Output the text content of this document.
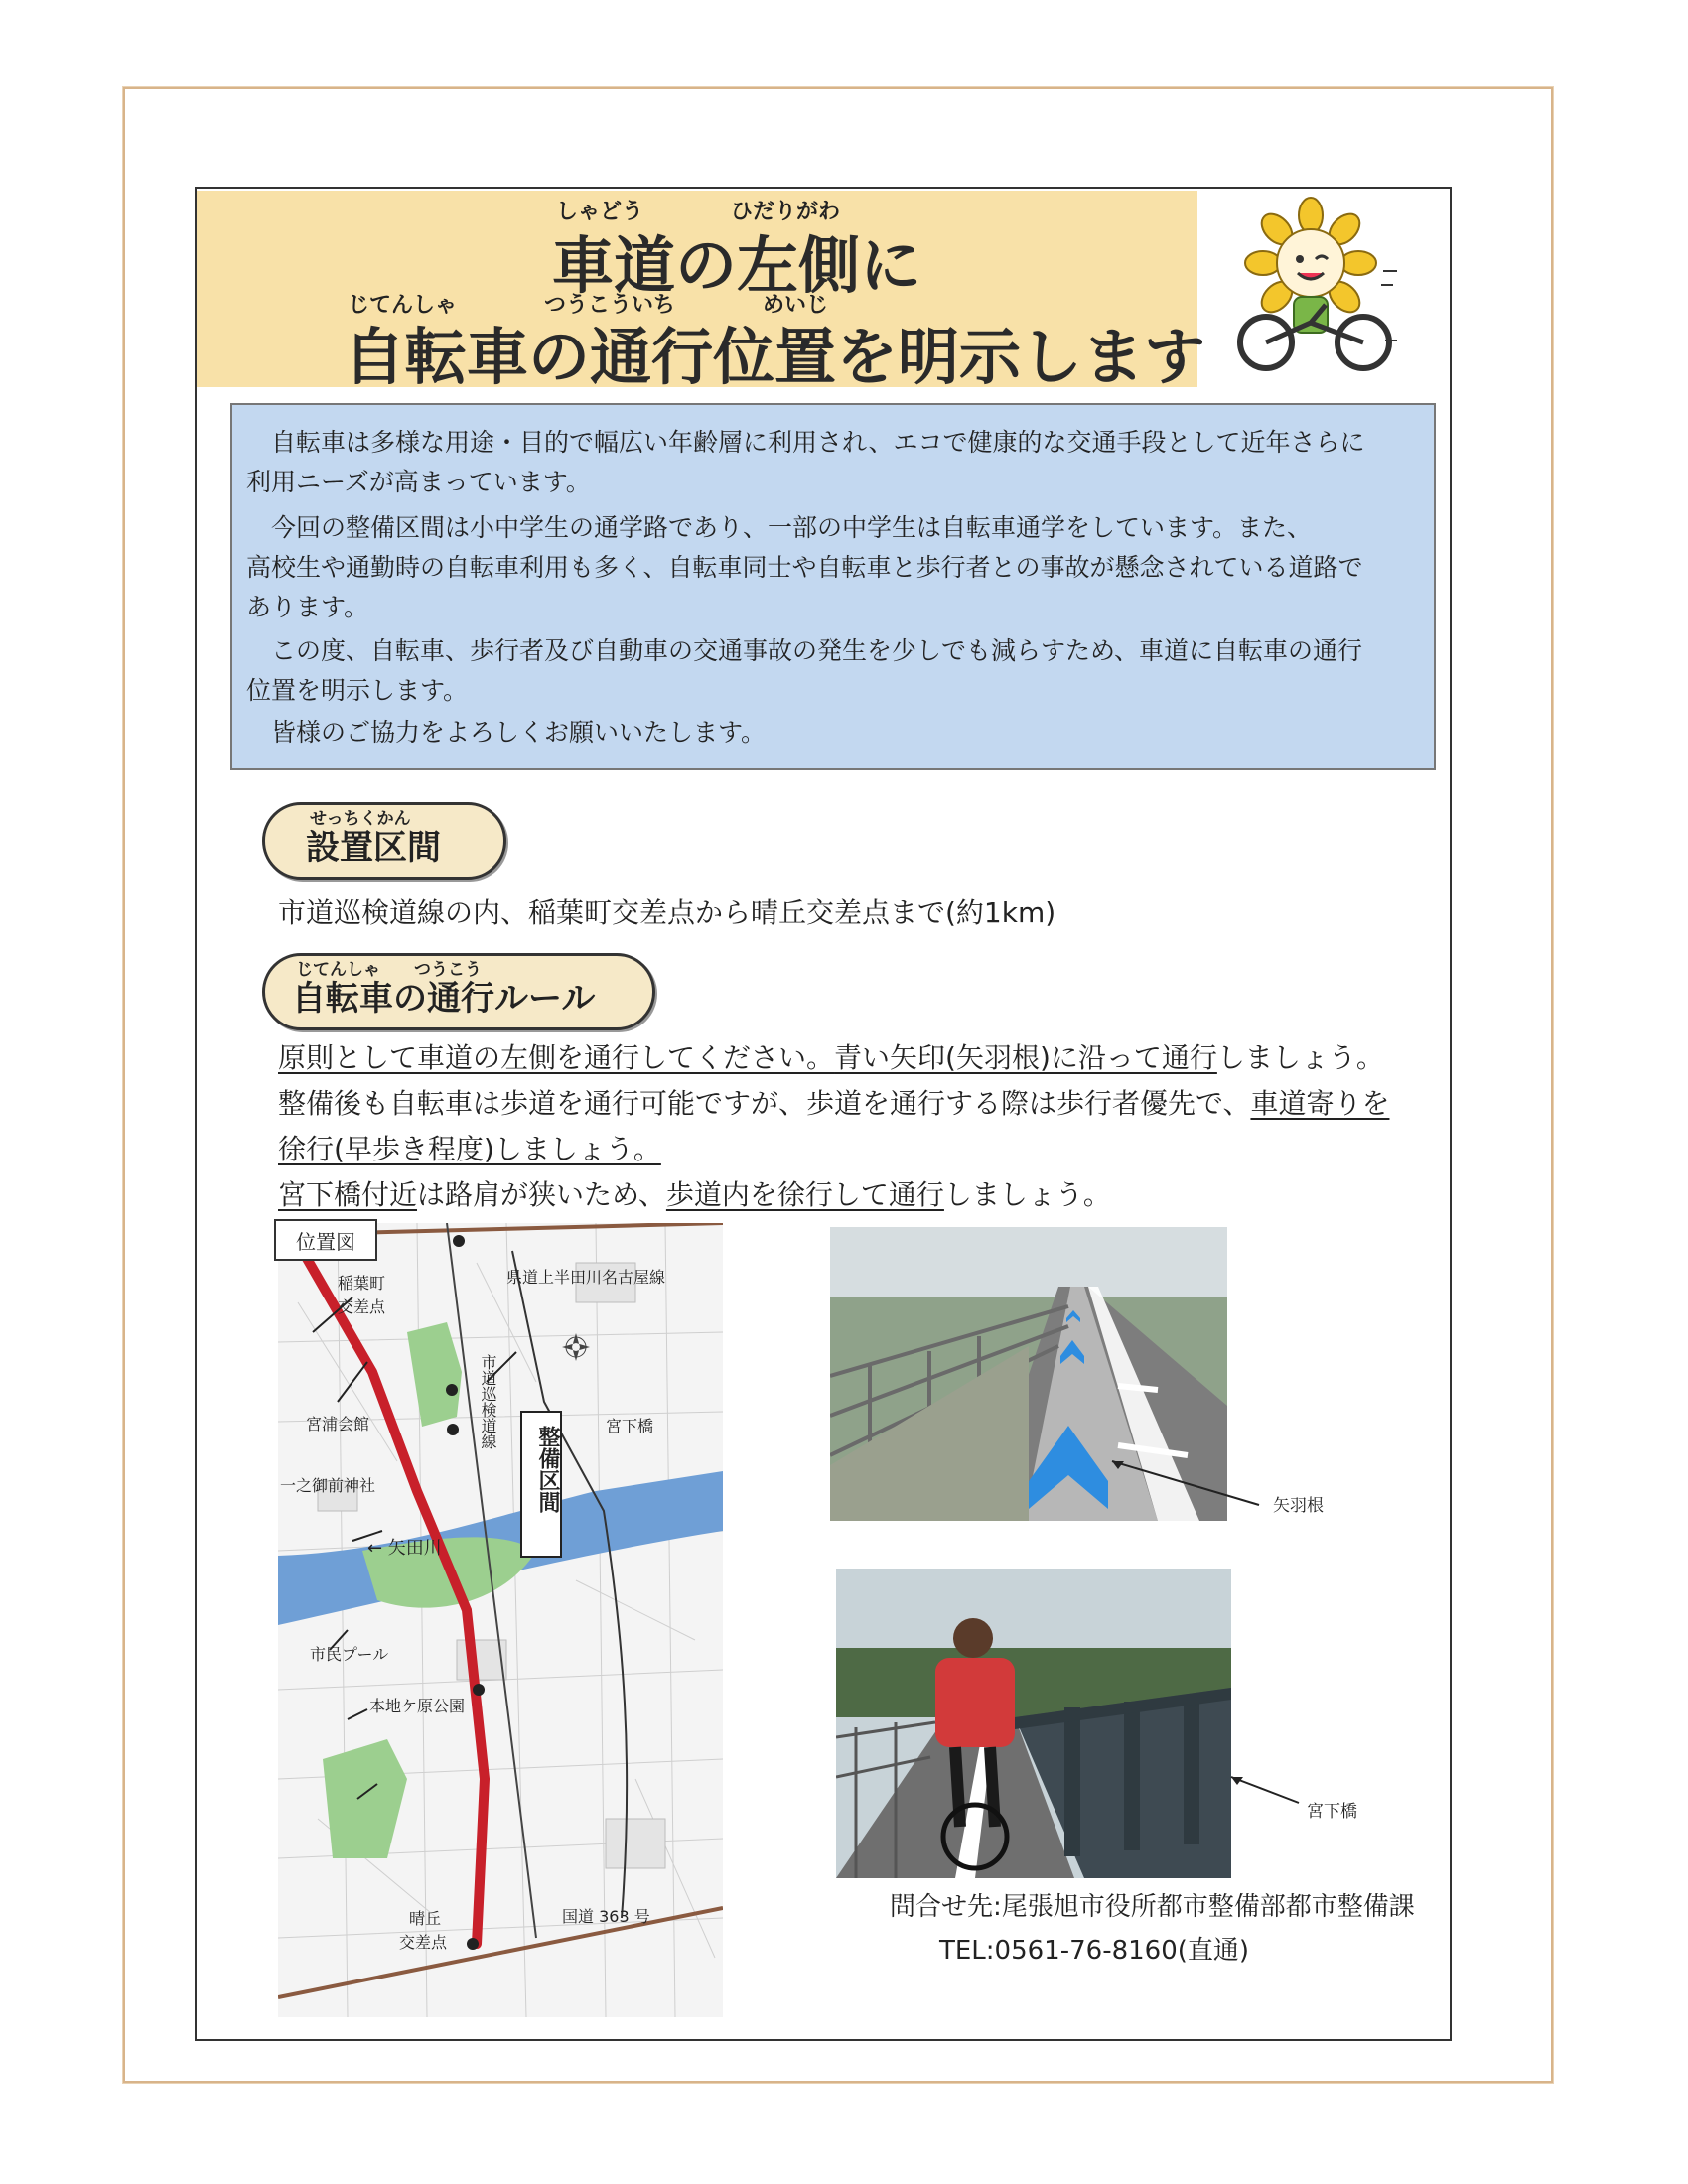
しゃどう　　　　ひだりがわ
車道の左側に
じてんしゃ　　　　つうこういち　　　　めいじ
自転車の通行位置を明示します
　自転車は多様な用途・目的で幅広い年齢層に利用され、エコで健康的な交通手段として近年さらに
利用ニーズが高まっています。
　今回の整備区間は小中学生の通学路であり、一部の中学生は自転車通学をしています。また、
高校生や通勤時の自転車利用も多く、自転車同士や自転車と歩行者との事故が懸念されている道路で
あります。
　この度、自転車、歩行者及び自動車の交通事故の発生を少しでも減らすため、車道に自転車の通行
位置を明示します。
　皆様のご協力をよろしくお願いいたします。
せっちくかん
設置区間
市道巡検道線の内、稲葉町交差点から晴丘交差点まで(約1km)
じてんしゃ　　つうこう
自転車の通行ルール
原則として車道の左側を通行してください。青い矢印(矢羽根)に沿って通行しましょう。
整備後も自転車は歩道を通行可能ですが、歩道を通行する際は歩行者優先で、車道寄りを
徐行(早歩き程度)しましょう。
宮下橋付近は路肩が狭いため、歩道内を徐行して通行しましょう。
稲葉町
交差点
県道上半田川名古屋線
市道巡検道線
宮浦会館
一之御前神社
宮下橋
← 矢田川
整備区間
市民プール
本地ケ原公園
晴丘
交差点
国道 363 号
位置図
矢羽根
宮下橋
問合せ先:尾張旭市役所都市整備部都市整備課
TEL:0561-76-8160(直通)
